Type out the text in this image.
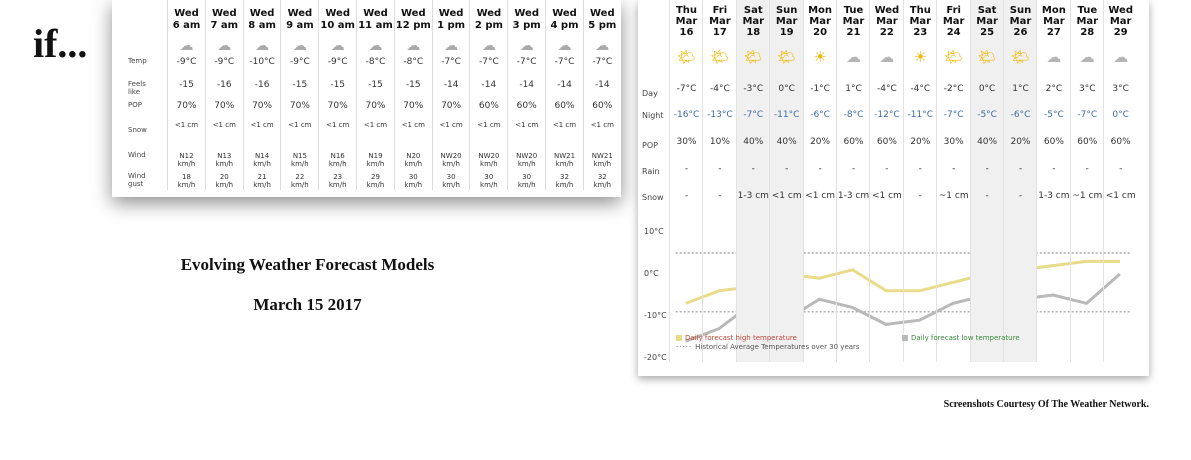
if...
Evolving Weather Forecast Models
March 15 2017
Screenshots Courtesy Of The Weather Network.
Temp
Feels
like
POP
Snow
Wind
Wind
gust
Wed
6 am
☁
-9°C
-15
70%
<1 cm
N12
km/h
18
km/h
Wed
7 am
☁
-9°C
-16
70%
<1 cm
N13
km/h
20
km/h
Wed
8 am
☁
-10°C
-16
70%
<1 cm
N14
km/h
21
km/h
Wed
9 am
☁
-9°C
-15
70%
<1 cm
N15
km/h
22
km/h
Wed
10 am
☁
-9°C
-15
70%
<1 cm
N16
km/h
23
km/h
Wed
11 am
☁
-8°C
-15
70%
<1 cm
N19
km/h
29
km/h
Wed
12 pm
☁
-8°C
-15
70%
<1 cm
N20
km/h
30
km/h
Wed
1 pm
☁
-7°C
-14
70%
<1 cm
NW20
km/h
30
km/h
Wed
2 pm
☁
-7°C
-14
60%
<1 cm
NW20
km/h
30
km/h
Wed
3 pm
☁
-7°C
-14
60%
<1 cm
NW20
km/h
30
km/h
Wed
4 pm
☁
-7°C
-14
60%
<1 cm
NW21
km/h
32
km/h
Wed
5 pm
☁
-7°C
-14
60%
<1 cm
NW21
km/h
32
km/h
Day
Night
POP
Rain
Snow
Thu
Mar
16
🌤
-7°C
-16°C
30%
-
-
Fri
Mar
17
🌤
-4°C
-13°C
10%
-
-
Sat
Mar
18
🌤
-3°C
-7°C
40%
-
1-3 cm
Sun
Mar
19
🌤
0°C
-11°C
40%
-
<1 cm
Mon
Mar
20
☀
-1°C
-6°C
20%
-
<1 cm
Tue
Mar
21
☁
1°C
-8°C
60%
-
1-3 cm
Wed
Mar
22
☁
-4°C
-12°C
60%
-
<1 cm
Thu
Mar
23
☀
-4°C
-11°C
20%
-
-
Fri
Mar
24
🌤
-2°C
-7°C
30%
-
~1 cm
Sat
Mar
25
🌤
0°C
-5°C
40%
-
-
Sun
Mar
26
🌤
1°C
-6°C
20%
-
-
Mon
Mar
27
☁
2°C
-5°C
60%
-
1-3 cm
Tue
Mar
28
☁
3°C
-7°C
60%
-
~1 cm
Wed
Mar
29
☁
3°C
0°C
60%
-
<1 cm
10°C
0°C
-10°C
-20°C
Daily forecast high temperature	Daily forecast low temperature
····· Historical Average Temperatures over 30 years
